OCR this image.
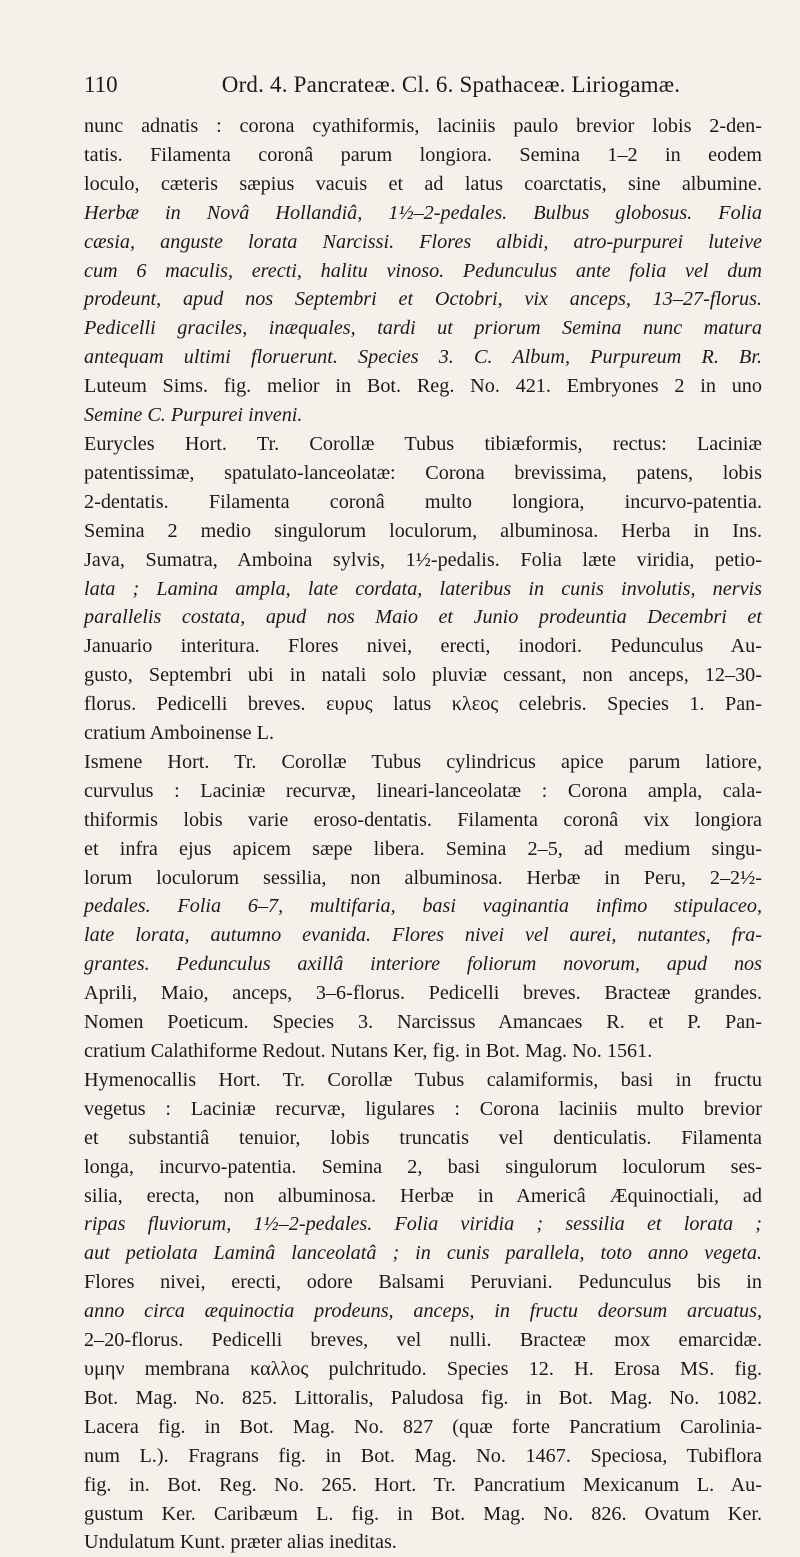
110	Ord. 4. Pancrateæ. Cl. 6. Spathaceæ. Liriogamæ.

nunc adnatis : corona cyathiformis, laciniis paulo brevior lobis 2-den-
tatis. Filamenta coronâ parum longiora. Semina 1–2 in eodem
loculo, cæteris sæpius vacuis et ad latus coarctatis, sine albumine.
Herbæ in Novâ Hollandiâ, 1½–2-pedales. Bulbus globosus. Folia
cæsia, anguste lorata Narcissi. Flores albidi, atro-purpurei luteive
cum 6 maculis, erecti, halitu vinoso. Pedunculus ante folia vel dum
prodeunt, apud nos Septembri et Octobri, vix anceps, 13–27-florus.
Pedicelli graciles, inæquales, tardi ut priorum Semina nunc matura
antequam ultimi floruerunt. Species 3. C. Album, Purpureum R. Br.
Luteum Sims. fig. melior in Bot. Reg. No. 421. Embryones 2 in uno
Semine C. Purpurei inveni.

Eurycles Hort. Tr. Corollæ Tubus tibiæformis, rectus: Laciniæ
patentissimæ, spatulato-lanceolatæ: Corona brevissima, patens, lobis
2-dentatis. Filamenta coronâ multo longiora, incurvo-patentia.
Semina 2 medio singulorum loculorum, albuminosa. Herba in Ins.
Java, Sumatra, Amboina sylvis, 1½-pedalis. Folia læte viridia, petio-
lata ; Lamina ampla, late cordata, lateribus in cunis involutis, nervis
parallelis costata, apud nos Maio et Junio prodeuntia Decembri et
Januario interitura. Flores nivei, erecti, inodori. Pedunculus Au-
gusto, Septembri ubi in natali solo pluviæ cessant, non anceps, 12–30-
florus. Pedicelli breves. ευρυς latus κλεος celebris. Species 1. Pan-
cratium Amboinense L.

Ismene Hort. Tr. Corollæ Tubus cylindricus apice parum latiore,
curvulus : Laciniæ recurvæ, lineari-lanceolatæ : Corona ampla, cala-
thiformis lobis varie eroso-dentatis. Filamenta coronâ vix longiora
et infra ejus apicem sæpe libera. Semina 2–5, ad medium singu-
lorum loculorum sessilia, non albuminosa. Herbæ in Peru, 2–2½-
pedales. Folia 6–7, multifaria, basi vaginantia infimo stipulaceo,
late lorata, autumno evanida. Flores nivei vel aurei, nutantes, fra-
grantes. Pedunculus axillâ interiore foliorum novorum, apud nos
Aprili, Maio, anceps, 3–6-florus. Pedicelli breves. Bracteæ grandes.
Nomen Poeticum. Species 3. Narcissus Amancaes R. et P. Pan-
cratium Calathiforme Redout. Nutans Ker, fig. in Bot. Mag. No. 1561.

Hymenocallis Hort. Tr. Corollæ Tubus calamiformis, basi in fructu
vegetus : Laciniæ recurvæ, ligulares : Corona laciniis multo brevior
et substantiâ tenuior, lobis truncatis vel denticulatis. Filamenta
longa, incurvo-patentia. Semina 2, basi singulorum loculorum ses-
silia, erecta, non albuminosa. Herbæ in Americâ Æquinoctiali, ad
ripas fluviorum, 1½–2-pedales. Folia viridia ; sessilia et lorata ;
aut petiolata Laminâ lanceolatâ ; in cunis parallela, toto anno vegeta.
Flores nivei, erecti, odore Balsami Peruviani. Pedunculus bis in
anno circa æquinoctia prodeuns, anceps, in fructu deorsum arcuatus,
2–20-florus. Pedicelli breves, vel nulli. Bracteæ mox emarcidæ.
υμην membrana καλλος pulchritudo. Species 12. H. Erosa MS. fig.
Bot. Mag. No. 825. Littoralis, Paludosa fig. in Bot. Mag. No. 1082.
Lacera fig. in Bot. Mag. No. 827 (quæ forte Pancratium Carolinia-
num L.). Fragrans fig. in Bot. Mag. No. 1467. Speciosa, Tubiflora
fig. in. Bot. Reg. No. 265. Hort. Tr. Pancratium Mexicanum L. Au-
gustum Ker. Caribæum L. fig. in Bot. Mag. No. 826. Ovatum Ker.
Undulatum Kunt. præter alias ineditas.
